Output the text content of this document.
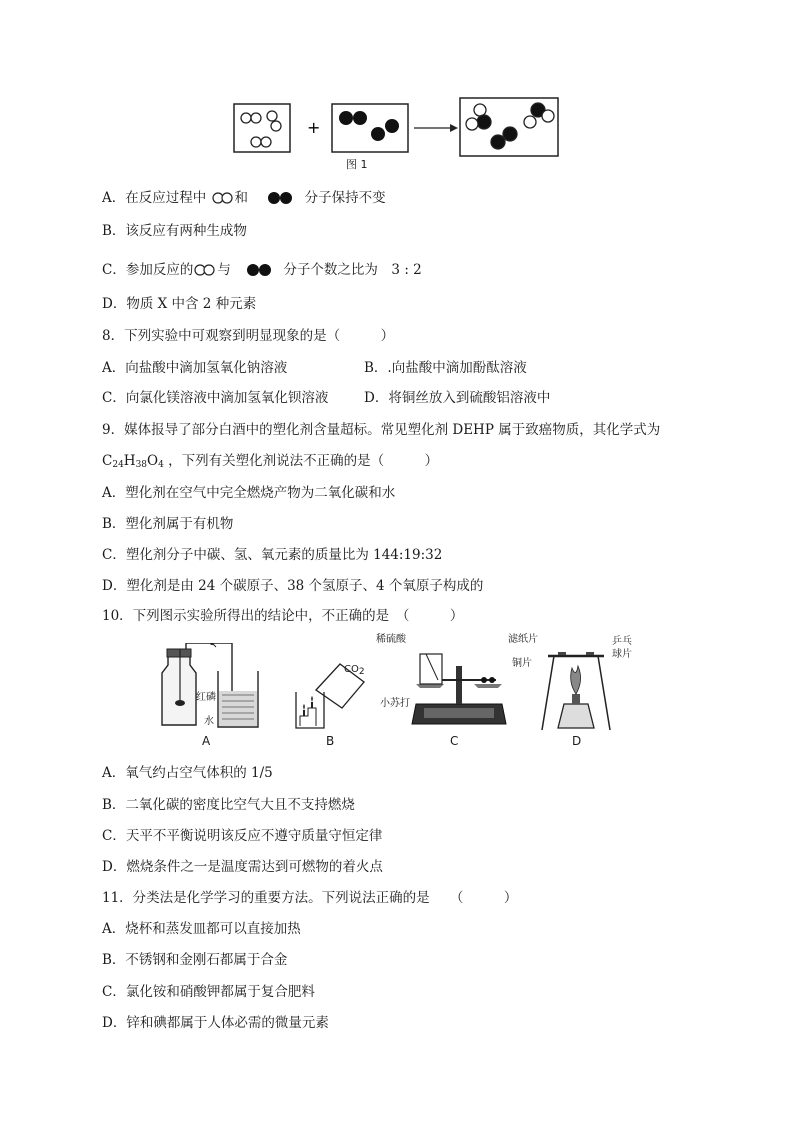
+
图 1
A．在反应过程中 和	分子保持不变
B．该反应有两种生成物
C．参加反应的 与	分子个数之比为　3 : 2
D．物质 X 中含 2 种元素
8．下列实验中可观察到明显现象的是（　　　）
A．向盐酸中滴加氢氧化钠溶液	B．.向盐酸中滴加酚酞溶液
C．向氯化镁溶液中滴加氢氧化钡溶液	D．将铜丝放入到硫酸铝溶液中
9．媒体报导了部分白酒中的塑化剂含量超标。常见塑化剂 DEHP 属于致癌物质，其化学式为
$C_{24}H_{38}O_4$ ，下列有关塑化剂说法不正确的是（　　　）
A．塑化剂在空气中完全燃烧产物为二氧化碳和水
B．塑化剂属于有机物
C．塑化剂分子中碳、氢、氧元素的质量比为 144:19:32
D．塑化剂是由 24 个碳原子、38 个氢原子、4 个氧原子构成的
10．下列图示实验所得出的结论中，不正确的是　（　　　）
红磷
水
A
CO2
B
稀硫酸
小苏打
C
滤纸片	乒乓
球片
铜片
D
A．氧气约占空气体积的 1/5
B．二氧化碳的密度比空气大且不支持燃烧
C．天平不平衡说明该反应不遵守质量守恒定律
D．燃烧条件之一是温度需达到可燃物的着火点
11．分类法是化学学习的重要方法。下列说法正确的是　　（　　　）
A．烧杯和蒸发皿都可以直接加热
B．不锈钢和金刚石都属于合金
C．氯化铵和硝酸钾都属于复合肥料
D．锌和碘都属于人体必需的微量元素
